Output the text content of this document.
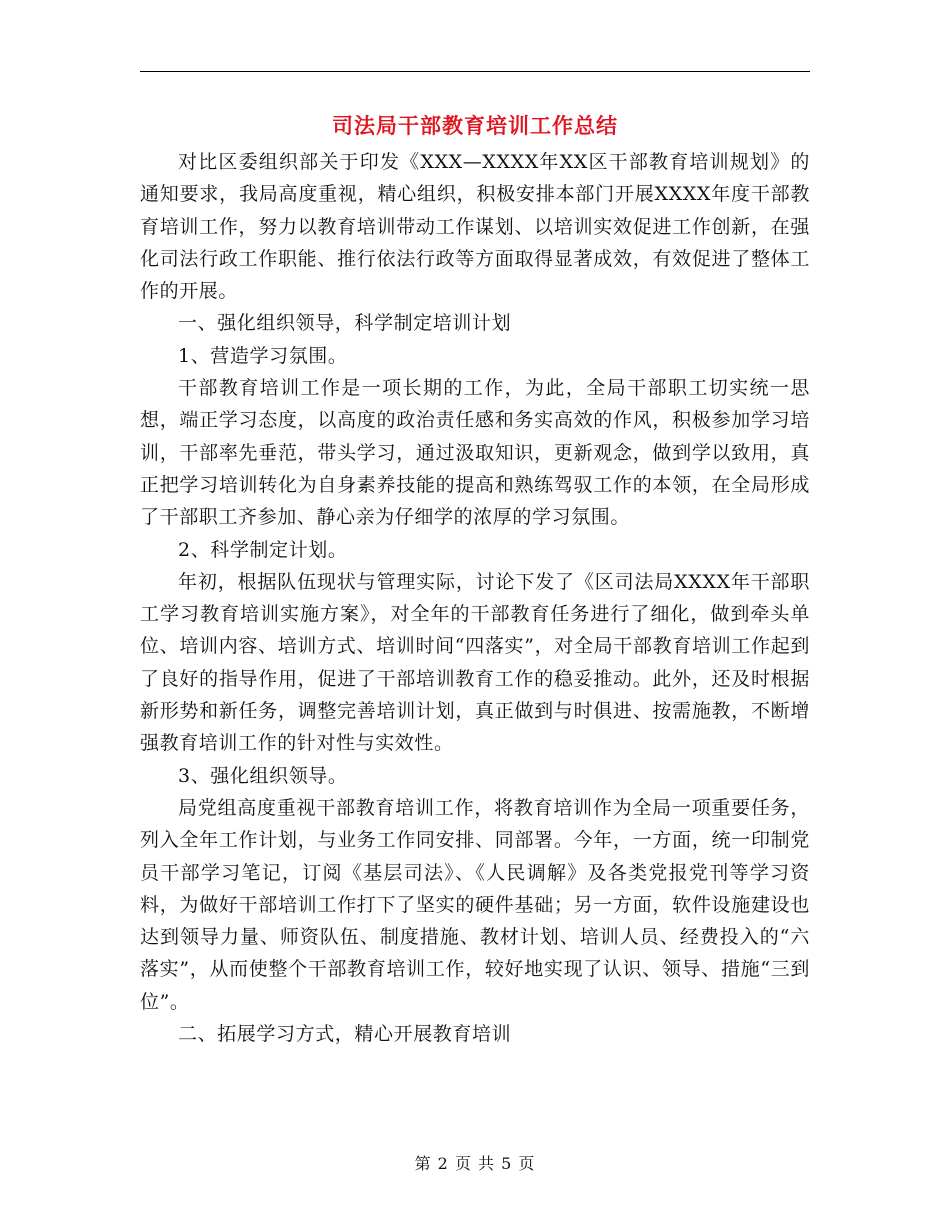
司法局干部教育培训工作总结

对比区委组织部关于印发《XXX—XXXX年XX区干部教育培训规划》的通知要求，我局高度重视，精心组织，积极安排本部门开展XXXX年度干部教育培训工作，努力以教育培训带动工作谋划、以培训实效促进工作创新，在强化司法行政工作职能、推行依法行政等方面取得显著成效，有效促进了整体工作的开展。

一、强化组织领导，科学制定培训计划

1、营造学习氛围。

干部教育培训工作是一项长期的工作，为此，全局干部职工切实统一思想，端正学习态度，以高度的政治责任感和务实高效的作风，积极参加学习培训，干部率先垂范，带头学习，通过汲取知识，更新观念，做到学以致用，真正把学习培训转化为自身素养技能的提高和熟练驾驭工作的本领，在全局形成了干部职工齐参加、静心亲为仔细学的浓厚的学习氛围。

2、科学制定计划。

年初，根据队伍现状与管理实际，讨论下发了《区司法局XXXX年干部职工学习教育培训实施方案》，对全年的干部教育任务进行了细化，做到牵头单位、培训内容、培训方式、培训时间“四落实”，对全局干部教育培训工作起到了良好的指导作用，促进了干部培训教育工作的稳妥推动。此外，还及时根据新形势和新任务，调整完善培训计划，真正做到与时俱进、按需施教，不断增强教育培训工作的针对性与实效性。

3、强化组织领导。

局党组高度重视干部教育培训工作，将教育培训作为全局一项重要任务，列入全年工作计划，与业务工作同安排、同部署。今年，一方面，统一印制党员干部学习笔记，订阅《基层司法》、《人民调解》及各类党报党刊等学习资料，为做好干部培训工作打下了坚实的硬件基础；另一方面，软件设施建设也达到领导力量、师资队伍、制度措施、教材计划、培训人员、经费投入的“六落实”，从而使整个干部教育培训工作，较好地实现了认识、领导、措施“三到位”。

二、拓展学习方式，精心开展教育培训

第 2 页 共 5 页
